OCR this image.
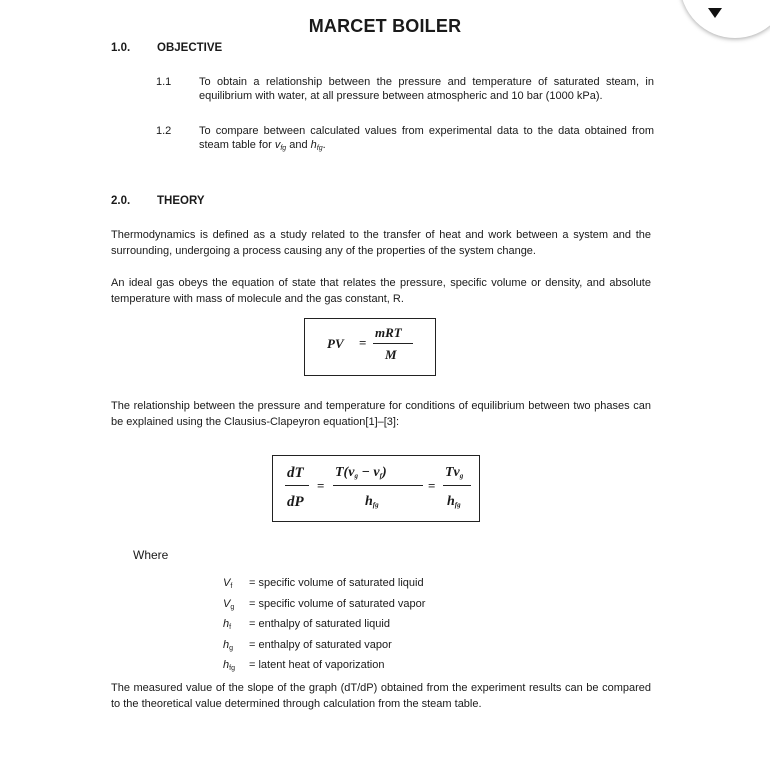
MARCET BOILER
1.0. OBJECTIVE
1.1	To obtain a relationship between the pressure and temperature of saturated steam, in equilibrium with water, at all pressure between atmospheric and 10 bar (1000 kPa).
1.2	To compare between calculated values from experimental data to the data obtained from steam table for $v_{fg}$ and $h_{fg}$.
2.0. THEORY
Thermodynamics is defined as a study related to the transfer of heat and work between a system and the surrounding, undergoing a process causing any of the properties of the system change.
An ideal gas obeys the equation of state that relates the pressure, specific volume or density, and absolute temperature with mass of molecule and the gas constant, R.
PV =
mRT
M
The relationship between the pressure and temperature for conditions of equilibrium between two phases can be explained using the Clausius-Clapeyron equation[1]–[3]:
dT
dP
=
$T(v_g - v_f)$
$h_{fg}$
=
$Tv_g$
$h_{fg}$
Where
$V_f$ = specific volume of saturated liquid
$V_g$ = specific volume of saturated vapor
$h_f$ = enthalpy of saturated liquid
$h_g$ = enthalpy of saturated vapor
$h_{fg}$ = latent heat of vaporization
The measured value of the slope of the graph (dT/dP) obtained from the experiment results can be compared to the theoretical value determined through calculation from the steam table.
